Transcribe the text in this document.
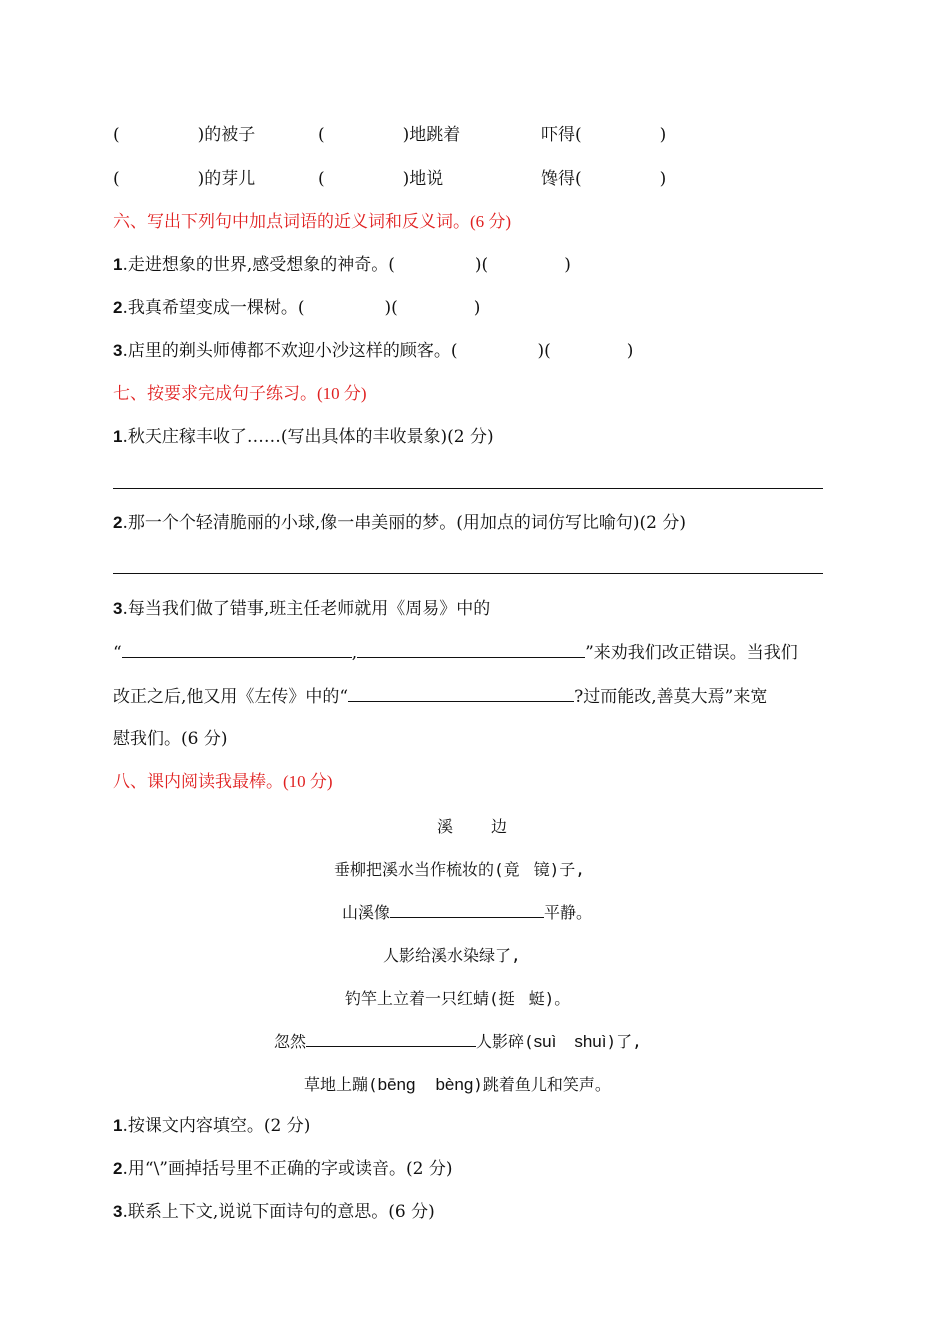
(	)的被子	(	)地跳着	吓得(	)
(	)的芽儿	(	)地说	馋得(	)
六、写出下列句中加点词语的近义词和反义词。(6 分)
1.走进想象的世界,感受想象的神奇。(	)(	)
2.我真希望变成一棵树。(	)(	)
3.店里的剃头师傅都不欢迎小沙这样的顾客。(	)(	)
七、按要求完成句子练习。(10 分)
1.秋天庄稼丰收了……(写出具体的丰收景象)(2 分)
2.那一个个轻清脆丽的小球,像一串美丽的梦。(用加点的词仿写比喻句)(2 分)
3.每当我们做了错事,班主任老师就用《周易》中的
“	,	”来劝我们改正错误。当我们
改正之后,他又用《左传》中的“	?过而能改,善莫大焉”来宽
慰我们。(6 分)
八、课内阅读我最棒。(10 分)
溪 边
垂柳把溪水当作梳妆的(竟 镜)子,
山溪像	平静。
人影给溪水染绿了,
钓竿上立着一只红蜻(挺 蜓)。
忽然	人影碎(suì shuì)了,
草地上蹦(bēng bèng)跳着鱼儿和笑声。
1.按课文内容填空。(2 分)
2.用“\”画掉括号里不正确的字或读音。(2 分)
3.联系上下文,说说下面诗句的意思。(6 分)
